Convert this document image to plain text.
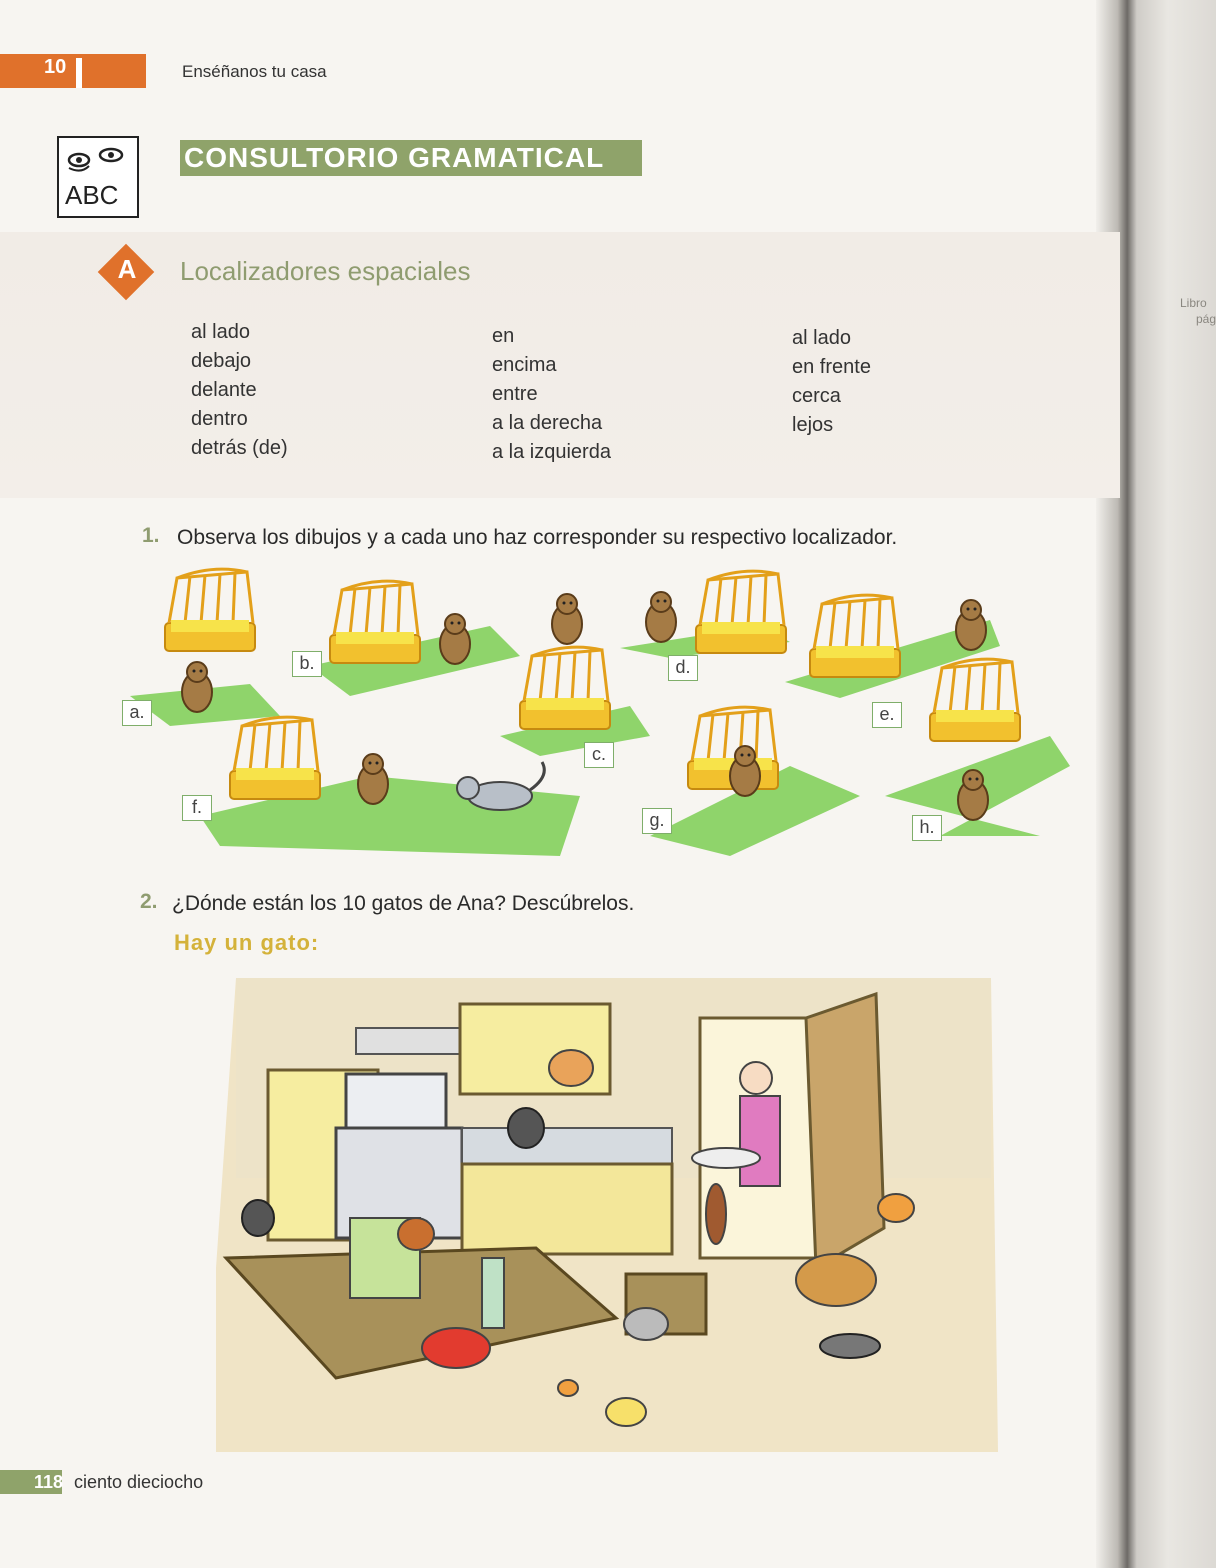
Libro
pág
10	Enséñanos tu casa
ABC
CONSULTORIO GRAMATICAL
A Localizadores espaciales
al lado
debajo
delante
dentro
detrás (de)
en
encima
entre
a la derecha
a la izquierda
al lado
en frente
cerca
lejos
1. Observa los dibujos y a cada uno haz corresponder su respectivo localizador.
a.
b.
c.
d.
e.
f.
g.	h.
2. ¿Dónde están los 10 gatos de Ana? Descúbrelos.
Hay un gato:
118 ciento dieciocho
